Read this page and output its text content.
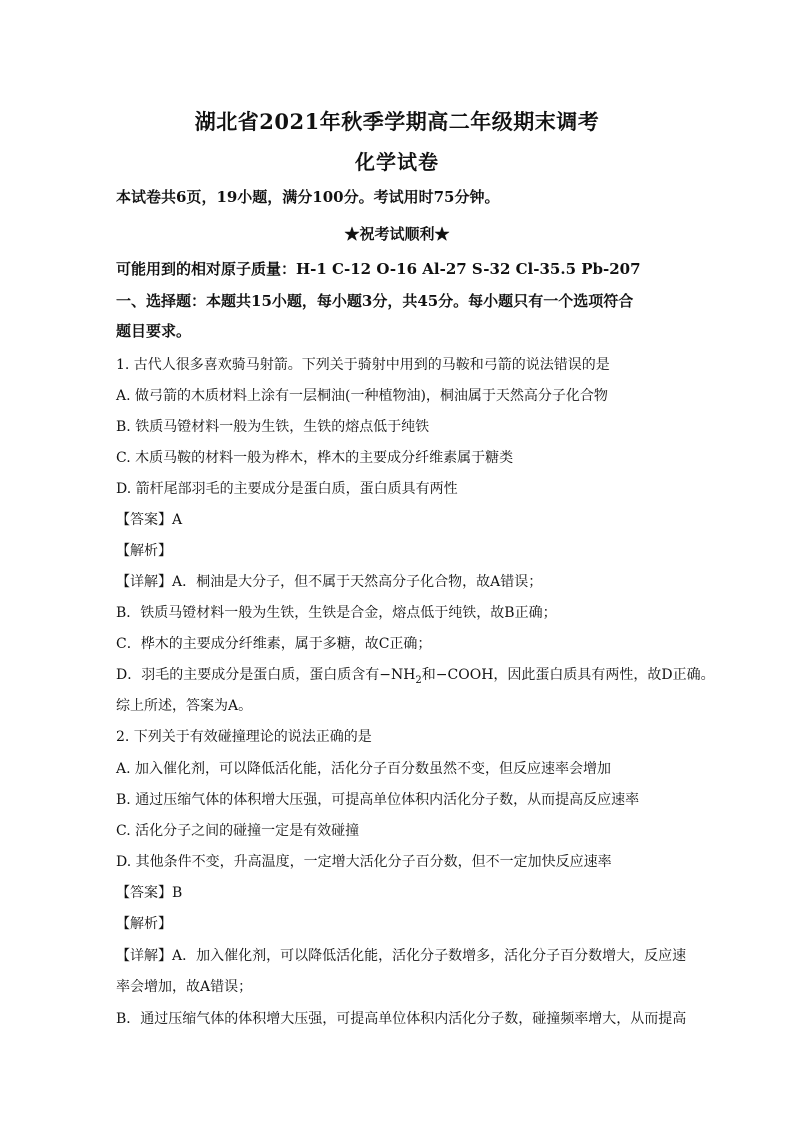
湖北省2021年秋季学期高二年级期末调考
化学试卷
本试卷共6页，19小题，满分100分。考试用时75分钟。
★祝考试顺利★
可能用到的相对原子质量：H-1 C-12 O-16 Al-27 S-32 Cl-35.5 Pb-207
一、选择题：本题共15小题，每小题3分，共45分。每小题只有一个选项符合
题目要求。
1. 古代人很多喜欢骑马射箭。下列关于骑射中用到的马鞍和弓箭的说法错误的是
A. 做弓箭的木质材料上涂有一层桐油(一种植物油)，桐油属于天然高分子化合物
B. 铁质马镫材料一般为生铁，生铁的熔点低于纯铁
C. 木质马鞍的材料一般为桦木，桦木的主要成分纤维素属于糖类
D. 箭杆尾部羽毛的主要成分是蛋白质，蛋白质具有两性
【答案】A
【解析】
【详解】A．桐油是大分子，但不属于天然高分子化合物，故A错误；
B．铁质马镫材料一般为生铁，生铁是合金，熔点低于纯铁，故B正确；
C．桦木的主要成分纤维素，属于多糖，故C正确；
D．羽毛的主要成分是蛋白质，蛋白质含有$-NH_2$和−COOH，因此蛋白质具有两性，故D正确。
综上所述，答案为A。
2. 下列关于有效碰撞理论的说法正确的是
A. 加入催化剂，可以降低活化能，活化分子百分数虽然不变，但反应速率会增加
B. 通过压缩气体的体积增大压强，可提高单位体积内活化分子数，从而提高反应速率
C. 活化分子之间的碰撞一定是有效碰撞
D. 其他条件不变，升高温度，一定增大活化分子百分数，但不一定加快反应速率
【答案】B
【解析】
【详解】A．加入催化剂，可以降低活化能，活化分子数增多，活化分子百分数增大，反应速
率会增加，故A错误；
B．通过压缩气体的体积增大压强，可提高单位体积内活化分子数，碰撞频率增大，从而提高
